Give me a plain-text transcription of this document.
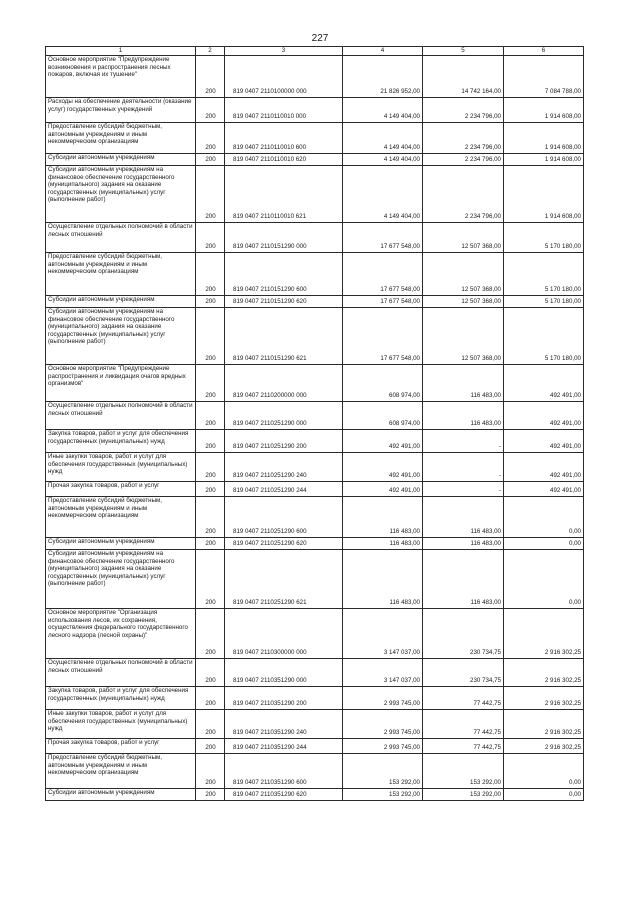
227
1	2	3	4	5	6
Основное мероприятие "Предупреждение возникновения и распространения лесных пожаров, включая их тушение"	200	819 0407 2110100000 000	21 826 952,00	14 742 164,00	7 084 788,00
Расходы на обеспечение деятельности (оказание услуг) государственных учреждений	200	819 0407 2110110010 000	4 149 404,00	2 234 796,00	1 914 608,00
Предоставление субсидий бюджетным, автономным учреждениям и иным некоммерческим организациям	200	819 0407 2110110010 600	4 149 404,00	2 234 796,00	1 914 608,00
Субсидии автономным учреждениям	200	819 0407 2110110010 620	4 149 404,00	2 234 796,00	1 914 608,00
Субсидии автономным учреждениям на финансовое обеспечение государственного (муниципального) задания на оказание государственных (муниципальных) услуг (выполнение работ)	200	819 0407 2110110010 621	4 149 404,00	2 234 796,00	1 914 608,00
Осуществление отдельных полномочий в области лесных отношений	200	819 0407 2110151290 000	17 677 548,00	12 507 368,00	5 170 180,00
Предоставление субсидий бюджетным, автономным учреждениям и иным некоммерческим организациям	200	819 0407 2110151290 600	17 677 548,00	12 507 368,00	5 170 180,00
Субсидии автономным учреждениям	200	819 0407 2110151290 620	17 677 548,00	12 507 368,00	5 170 180,00
Субсидии автономным учреждениям на финансовое обеспечение государственного (муниципального) задания на оказание государственных (муниципальных) услуг (выполнение работ)	200	819 0407 2110151290 621	17 677 548,00	12 507 368,00	5 170 180,00
Основное мероприятие "Предупреждение распространения и ликвидация очагов вредных организмов"	200	819 0407 2110200000 000	608 974,00	116 483,00	492 491,00
Осуществление отдельных полномочий в области лесных отношений	200	819 0407 2110251290 000	608 974,00	116 483,00	492 491,00
Закупка товаров, работ и услуг для обеспечения государственных (муниципальных) нужд	200	819 0407 2110251290 200	492 491,00	-	492 491,00
Иные закупки товаров, работ и услуг для обеспечения государственных (муниципальных) нужд	200	819 0407 2110251290 240	492 491,00	-	492 491,00
Прочая закупка товаров, работ и услуг	200	819 0407 2110251290 244	492 491,00	-	492 491,00
Предоставление субсидий бюджетным, автономным учреждениям и иным некоммерческим организациям	200	819 0407 2110251290 600	116 483,00	116 483,00	0,00
Субсидии автономным учреждениям	200	819 0407 2110251290 620	116 483,00	116 483,00	0,00
Субсидии автономным учреждениям на финансовое обеспечение государственного (муниципального) задания на оказание государственных (муниципальных) услуг (выполнение работ)	200	819 0407 2110251290 621	116 483,00	116 483,00	0,00
Основное мероприятие "Организация использования лесов, их сохранения, осуществления федерального государственного лесного надзора (лесной охраны)"	200	819 0407 2110300000 000	3 147 037,00	230 734,75	2 916 302,25
Осуществление отдельных полномочий в области лесных отношений	200	819 0407 2110351290 000	3 147 037,00	230 734,75	2 916 302,25
Закупка товаров, работ и услуг для обеспечения государственных (муниципальных) нужд	200	819 0407 2110351290 200	2 993 745,00	77 442,75	2 916 302,25
Иные закупки товаров, работ и услуг для обеспечения государственных (муниципальных) нужд	200	819 0407 2110351290 240	2 993 745,00	77 442,75	2 916 302,25
Прочая закупка товаров, работ и услуг	200	819 0407 2110351290 244	2 993 745,00	77 442,75	2 916 302,25
Предоставление субсидий бюджетным, автономным учреждениям и иным некоммерческим организациям	200	819 0407 2110351290 600	153 292,00	153 292,00	0,00
Субсидии автономным учреждениям	200	819 0407 2110351290 620	153 292,00	153 292,00	0,00
